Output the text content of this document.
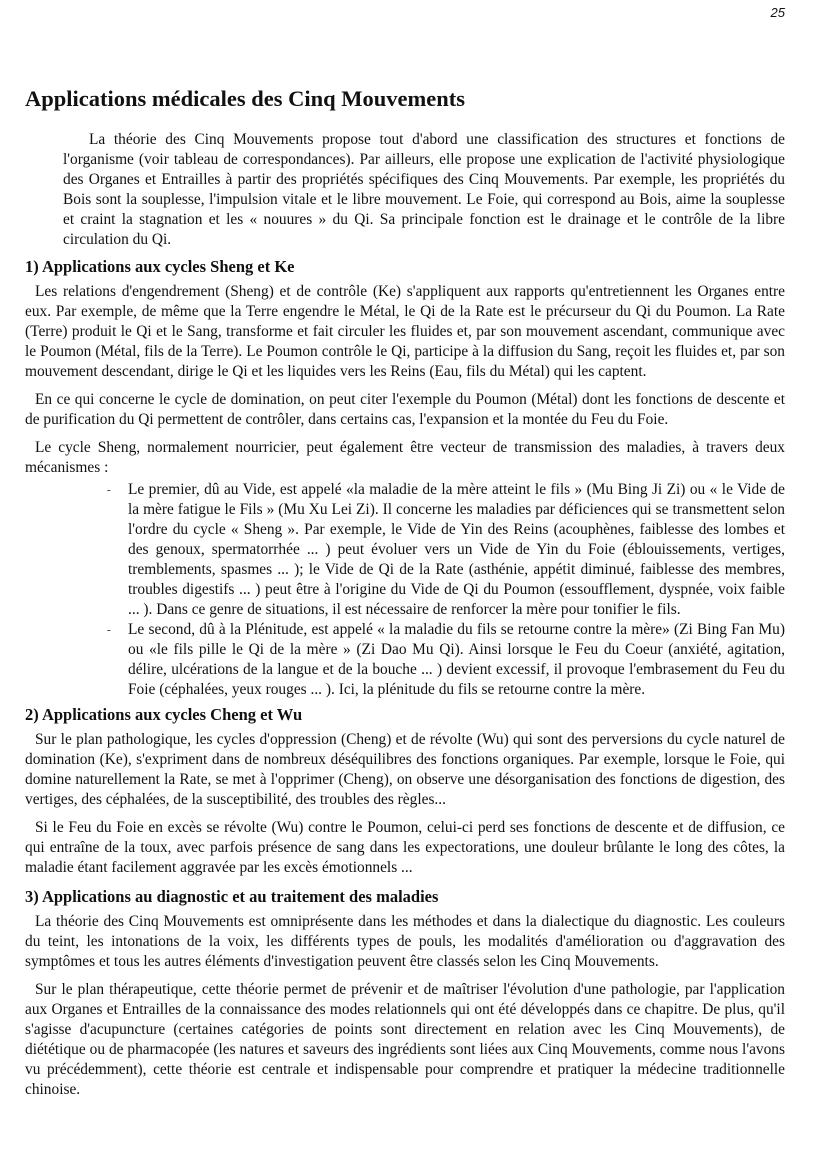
25
Applications médicales des Cinq Mouvements

La théorie des Cinq Mouvements propose tout d'abord une classification des structures et fonctions de l'organisme (voir tableau de correspondances). Par ailleurs, elle propose une explication de l'activité physiologique des Organes et Entrailles à partir des propriétés spécifiques des Cinq Mouvements. Par exemple, les propriétés du Bois sont la souplesse, l'impulsion vitale et le libre mouvement. Le Foie, qui correspond au Bois, aime la souplesse et craint la stagnation et les « nouures » du Qi. Sa principale fonction est le drainage et le contrôle de la libre circulation du Qi.

1) Applications aux cycles Sheng et Ke

Les relations d'engendrement (Sheng) et de contrôle (Ke) s'appliquent aux rapports qu'entretiennent les Organes entre eux. Par exemple, de même que la Terre engendre le Métal, le Qi de la Rate est le précurseur du Qi du Poumon. La Rate (Terre) produit le Qi et le Sang, transforme et fait circuler les fluides et, par son mouvement ascendant, communique avec le Poumon (Métal, fils de la Terre). Le Poumon contrôle le Qi, participe à la diffusion du Sang, reçoit les fluides et, par son mouvement descendant, dirige le Qi et les liquides vers les Reins (Eau, fils du Métal) qui les captent.

En ce qui concerne le cycle de domination, on peut citer l'exemple du Poumon (Métal) dont les fonctions de descente et de purification du Qi permettent de contrôler, dans certains cas, l'expansion et la montée du Feu du Foie.

Le cycle Sheng, normalement nourricier, peut également être vecteur de transmission des maladies, à travers deux mécanismes :

- Le premier, dû au Vide, est appelé «la maladie de la mère atteint le fils » (Mu Bing Ji Zi) ou « le Vide de la mère fatigue le Fils » (Mu Xu Lei Zi). Il concerne les maladies par déficiences qui se transmettent selon l'ordre du cycle « Sheng ». Par exemple, le Vide de Yin des Reins (acouphènes, faiblesse des lombes et des genoux, spermatorrhée ... ) peut évoluer vers un Vide de Yin du Foie (éblouissements, vertiges, tremblements, spasmes ... ); le Vide de Qi de la Rate (asthénie, appétit diminué, faiblesse des membres, troubles digestifs ... ) peut être à l'origine du Vide de Qi du Poumon (essoufflement, dyspnée, voix faible ... ). Dans ce genre de situations, il est nécessaire de renforcer la mère pour tonifier le fils.
- Le second, dû à la Plénitude, est appelé « la maladie du fils se retourne contre la mère» (Zi Bing Fan Mu) ou «le fils pille le Qi de la mère » (Zi Dao Mu Qi). Ainsi lorsque le Feu du Coeur (anxiété, agitation, délire, ulcérations de la langue et de la bouche ... ) devient excessif, il provoque l'embrasement du Feu du Foie (céphalées, yeux rouges ... ). Ici, la plénitude du fils se retourne contre la mère.
2) Applications aux cycles Cheng et Wu

Sur le plan pathologique, les cycles d'oppression (Cheng) et de révolte (Wu) qui sont des perversions du cycle naturel de domination (Ke), s'expriment dans de nombreux déséquilibres des fonctions organiques. Par exemple, lorsque le Foie, qui domine naturellement la Rate, se met à l'opprimer (Cheng), on observe une désorganisation des fonctions de digestion, des vertiges, des céphalées, de la susceptibilité, des troubles des règles...

Si le Feu du Foie en excès se révolte (Wu) contre le Poumon, celui-ci perd ses fonctions de descente et de diffusion, ce qui entraîne de la toux, avec parfois présence de sang dans les expectorations, une douleur brûlante le long des côtes, la maladie étant facilement aggravée par les excès émotionnels ...

3) Applications au diagnostic et au traitement des maladies

La théorie des Cinq Mouvements est omniprésente dans les méthodes et dans la dialectique du diagnostic. Les couleurs du teint, les intonations de la voix, les différents types de pouls, les modalités d'amélioration ou d'aggravation des symptômes et tous les autres éléments d'investigation peuvent être classés selon les Cinq Mouvements.

Sur le plan thérapeutique, cette théorie permet de prévenir et de maîtriser l'évolution d'une pathologie, par l'application aux Organes et Entrailles de la connaissance des modes relationnels qui ont été développés dans ce chapitre. De plus, qu'il s'agisse d'acupuncture (certaines catégories de points sont directement en relation avec les Cinq Mouvements), de diététique ou de pharmacopée (les natures et saveurs des ingrédients sont liées aux Cinq Mouvements, comme nous l'avons vu précédemment), cette théorie est centrale et indispensable pour comprendre et pratiquer la médecine traditionnelle chinoise.
